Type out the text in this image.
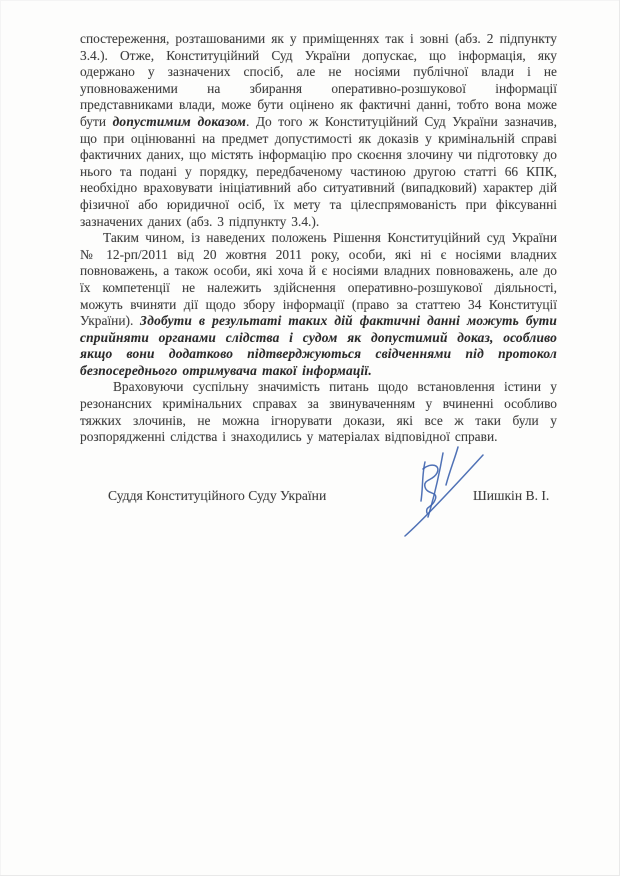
спостереження, розташованими як у приміщеннях так і зовні (абз. 2 підпункту 3.4.). Отже, Конституційний Суд України допускає, що інформація, яку одержано у зазначених спосіб, але не носіями публічної влади і не уповноваженими на збирання оперативно-розшукової інформації представниками влади, може бути оцінено як фактичні данні, тобто вона може бути допустимим доказом. До того ж Конституційний Суд України зазначив, що при оцінюванні на предмет допустимості як доказів у кримінальній справі фактичних даних, що містять інформацію про скоєння злочину чи підготовку до нього та подані у порядку, передбаченому частиною другою статті 66 КПК, необхідно враховувати ініціативний або ситуативний (випадковий) характер дій фізичної або юридичної осіб, їх мету та цілеспрямованість при фіксуванні зазначених даних (абз. 3 підпункту 3.4.).

Таким чином, із наведених положень Рішення Конституційний суд України № 12-рп/2011 від 20 жовтня 2011 року, особи, які ні є носіями владних повноважень, а також особи, які хоча й є носіями владних повноважень, але до їх компетенції не належить здійснення оперативно-розшукової діяльності, можуть вчиняти дії щодо збору інформації (право за статтею 34 Конституції України). Здобути в результаті таких дій фактичні данні можуть бути сприйняти органами слідства і судом як допустимий доказ, особливо якщо вони додатково підтверджуються свідченнями під протокол безпосереднього отримувача такої інформації.

Враховуючи суспільну значимість питань щодо встановлення істини у резонансних кримінальних справах за звинуваченням у вчиненні особливо тяжких злочинів, не можна ігнорувати докази, які все ж таки були у розпорядженні слідства і знаходились у матеріалах відповідної справи.

Суддя Конституційного Суду України	Шишкін В. І.
